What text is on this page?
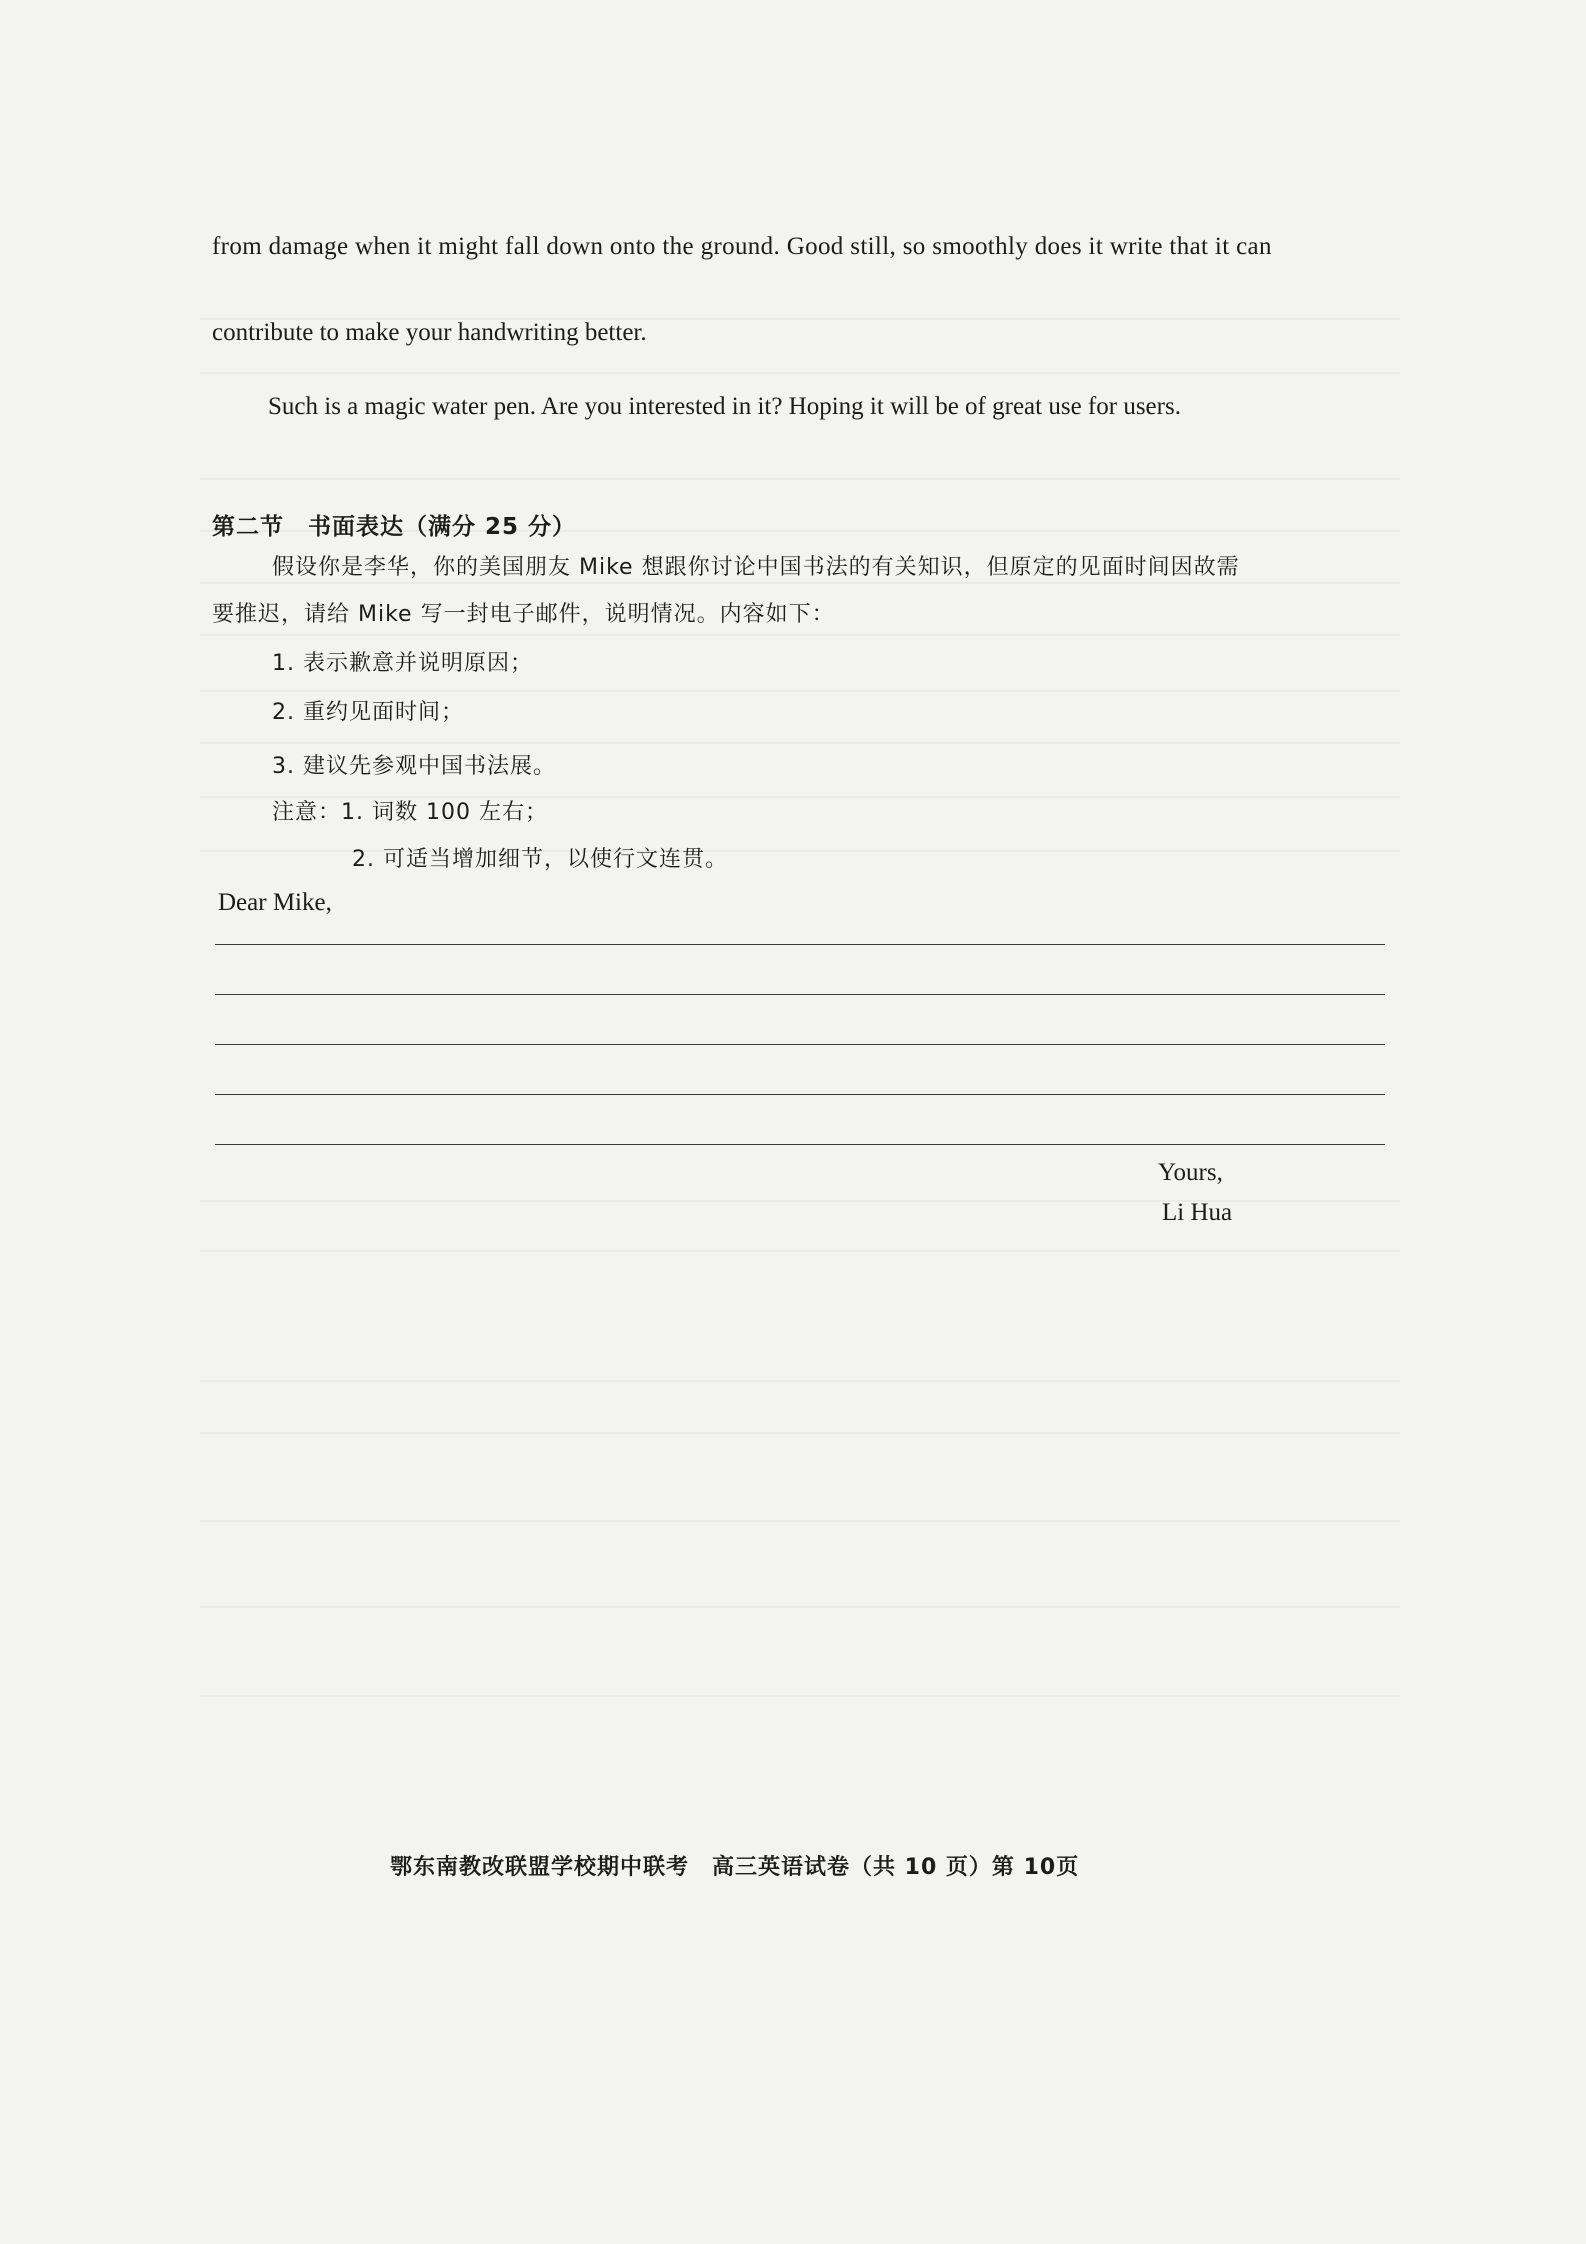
from damage when it might fall down onto the ground. Good still, so smoothly does it write that it can
contribute to make your handwriting better.
Such is a magic water pen. Are you interested in it? Hoping it will be of great use for users.
第二节　书面表达（满分 25 分）
假设你是李华，你的美国朋友 Mike 想跟你讨论中国书法的有关知识，但原定的见面时间因故需
要推迟，请给 Mike 写一封电子邮件，说明情况。内容如下：
1. 表示歉意并说明原因；
2. 重约见面时间；
3. 建议先参观中国书法展。
注意：1. 词数 100 左右；
2. 可适当增加细节，以使行文连贯。
Dear Mike,
Yours,
Li Hua
鄂东南教改联盟学校期中联考　高三英语试卷（共 10 页）第 10页
